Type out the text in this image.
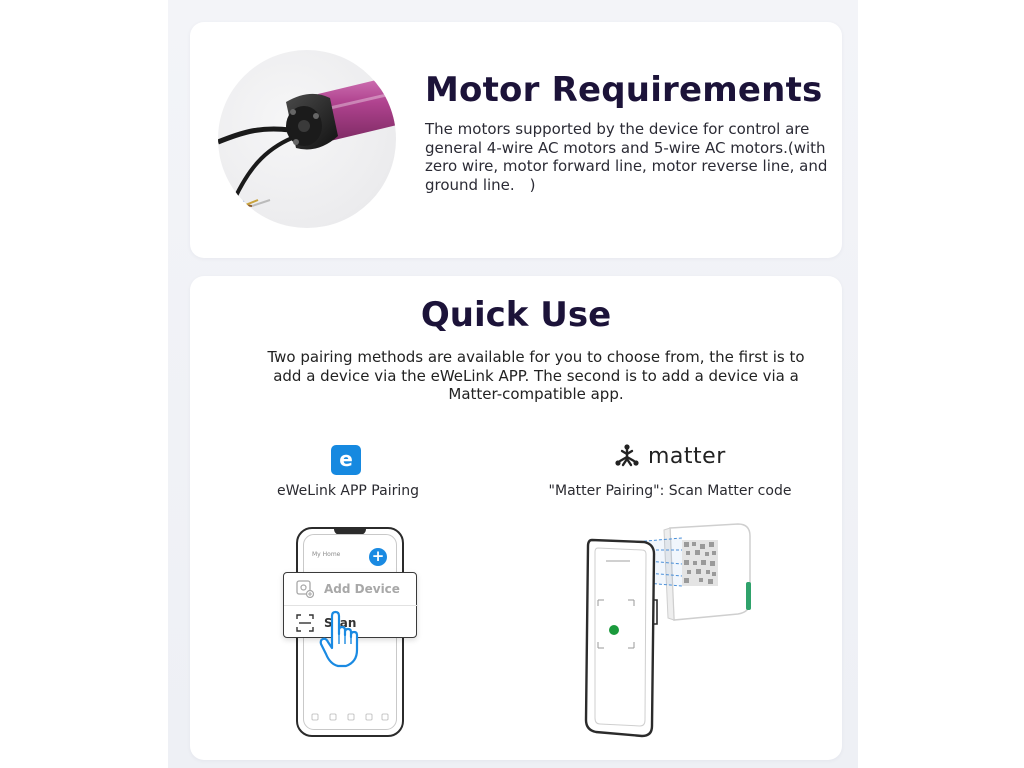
Motor Requirements
The motors supported by the device for control are general 4-wire AC motors and 5-wire AC motors.(with zero wire, motor forward line, motor reverse line, and ground line.　)
Quick Use
Two pairing methods are available for you to choose from, the first is to add a device via the eWeLink APP. The second is to add a device via a Matter-compatible app.
e
eWeLink APP Pairing
matter
"Matter Pairing": Scan Matter code
My Home +
Add Device
Scan
